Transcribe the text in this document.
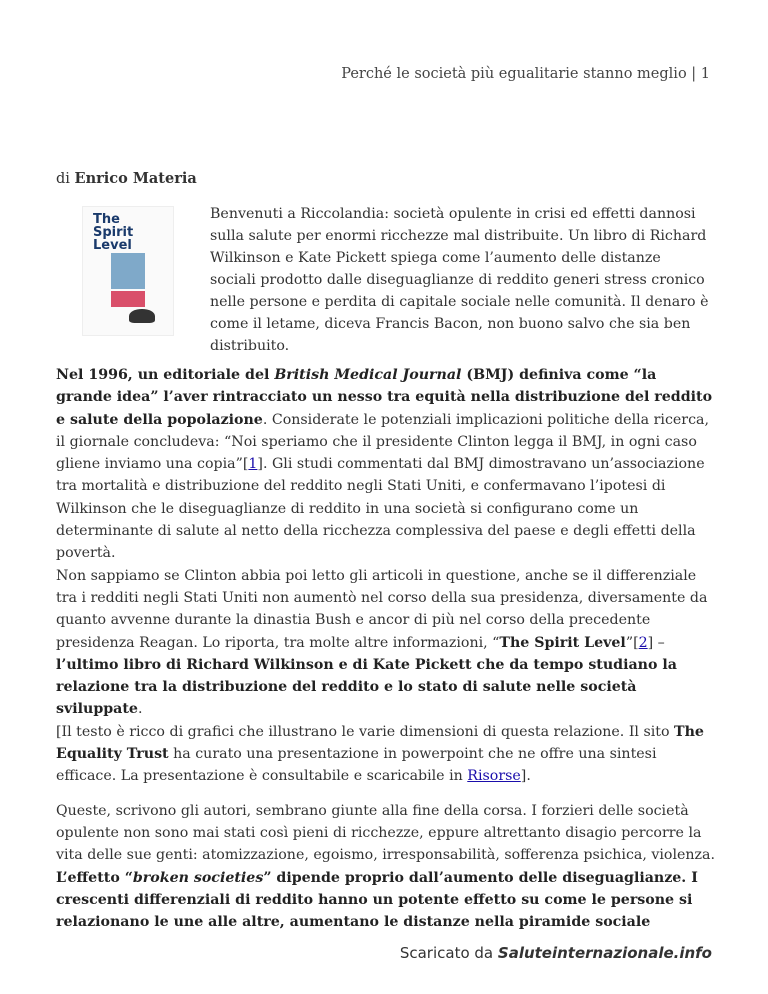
Perché le società più egualitarie stanno meglio | 1
di Enrico Materia
The
Spirit
Level

Benvenuti a Riccolandia: società opulente in crisi ed effetti dannosi sulla salute per enormi ricchezze mal distribuite. Un libro di Richard Wilkinson e Kate Pickett spiega come l’aumento delle distanze sociali prodotto dalle diseguaglianze di reddito generi stress cronico nelle persone e perdita di capitale sociale nelle comunità. Il denaro è come il letame, diceva Francis Bacon, non buono salvo che sia ben distribuito.

Nel 1996, un editoriale del British Medical Journal (BMJ) definiva come “la grande idea” l’aver rintracciato un nesso tra equità nella distribuzione del reddito e salute della popolazione. Considerate le potenziali implicazioni politiche della ricerca, il giornale concludeva: “Noi speriamo che il presidente Clinton legga il BMJ, in ogni caso gliene inviamo una copia”[1]. Gli studi commentati dal BMJ dimostravano un’associazione tra mortalità e distribuzione del reddito negli Stati Uniti, e confermavano l’ipotesi di Wilkinson che le diseguaglianze di reddito in una società si configurano come un determinante di salute al netto della ricchezza complessiva del paese e degli effetti della povertà.

Non sappiamo se Clinton abbia poi letto gli articoli in questione, anche se il differenziale tra i redditi negli Stati Uniti non aumentò nel corso della sua presidenza, diversamente da quanto avvenne durante la dinastia Bush e ancor di più nel corso della precedente presidenza Reagan. Lo riporta, tra molte altre informazioni, “The Spirit Level”[2] – l’ultimo libro di Richard Wilkinson e di Kate Pickett che da tempo studiano la relazione tra la distribuzione del reddito e lo stato di salute nelle società sviluppate.

[Il testo è ricco di grafici che illustrano le varie dimensioni di questa relazione. Il sito The Equality Trust ha curato una presentazione in powerpoint che ne offre una sintesi efficace. La presentazione è consultabile e scaricabile in Risorse].

Queste, scrivono gli autori, sembrano giunte alla fine della corsa. I forzieri delle società opulente non sono mai stati così pieni di ricchezze, eppure altrettanto disagio percorre la vita delle sue genti: atomizzazione, egoismo, irresponsabilità, sofferenza psichica, violenza. L’effetto “broken societies” dipende proprio dall’aumento delle diseguaglianze. I crescenti differenziali di reddito hanno un potente effetto su come le persone si relazionano le une alle altre, aumentano le distanze nella piramide sociale

Scaricato da Saluteinternazionale.info
